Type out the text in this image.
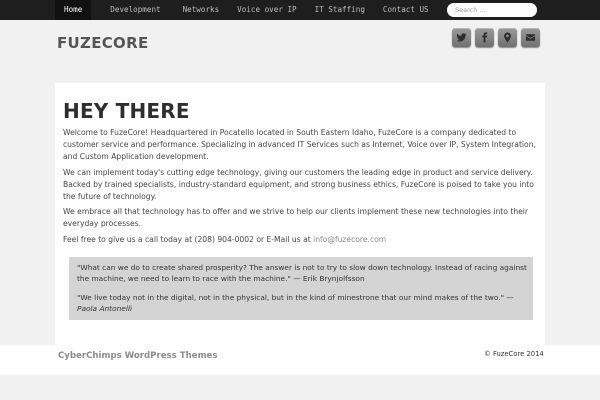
Home	Development	Networks	Voice over IP	IT Staffing	Contact US
Search ...
FUZECORE
HEY THERE

Welcome to FuzeCore! Headquartered in Pocatello located in South Eastern Idaho, FuzeCore is a company dedicated to customer service and performance. Specializing in advanced IT Services such as Internet, Voice over IP, System Integration, and Custom Application development.

We can implement today's cutting edge technology, giving our customers the leading edge in product and service delivery. Backed by trained specialists, industry-standard equipment, and strong business ethics, FuzeCore is poised to take you into the future of technology.

We embrace all that technology has to offer and we strive to help our clients implement these new technologies into their everyday processes.

Feel free to give us a call today at (208) 904-0002 or E-Mail us at info@fuzecore.com

"What can we do to create shared prosperity? The answer is not to try to slow down technology. Instead of racing against the machine, we need to learn to race with the machine." — Erik Brynjolfsson

"We live today not in the digital, not in the physical, but in the kind of minestrone that our mind makes of the two." —
Paola Antonelli

CyberChimps WordPress Themes	© FuzeCore 2014
